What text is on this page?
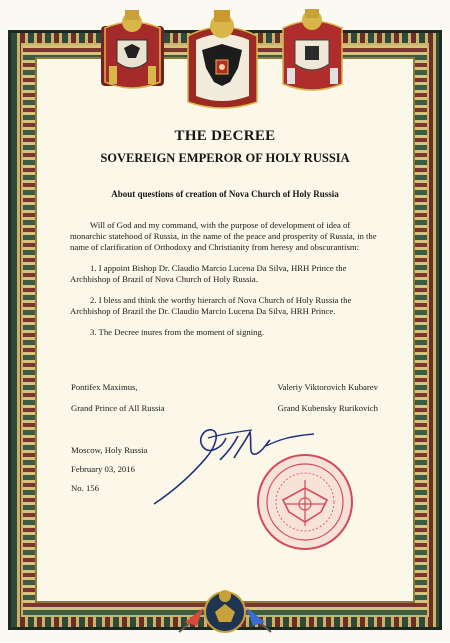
THE DECREE
SOVEREIGN EMPEROR OF HOLY RUSSIA
About questions of creation of Nova Church of Holy Russia

Will of God and my command, with the purpose of development of idea of monarchic statehood of Russia, in the name of the peace and prosperity of Russia, in the name of clarification of Orthodoxy and Christianity from heresy and obscurantism:

1. I appoint Bishop Dr. Claudio Marcio Lucena Da Silva, HRH Prince the Archbishop of Brazil of Nova Church of Holy Russia.

2. I bless and think the worthy hierarch of Nova Church of Holy Russia the Archbishop of Brazil the Dr. Claudio Marcio Lucena Da Silva, HRH Prince.

3. The Decree inures from the moment of signing.

Pontifex Maximus,
Grand Prince of All Russia
Valeriy Viktorovich Kubarev
Grand Kubensky Rurikovich
Moscow, Holy Russia
February 03, 2016
No. 156
